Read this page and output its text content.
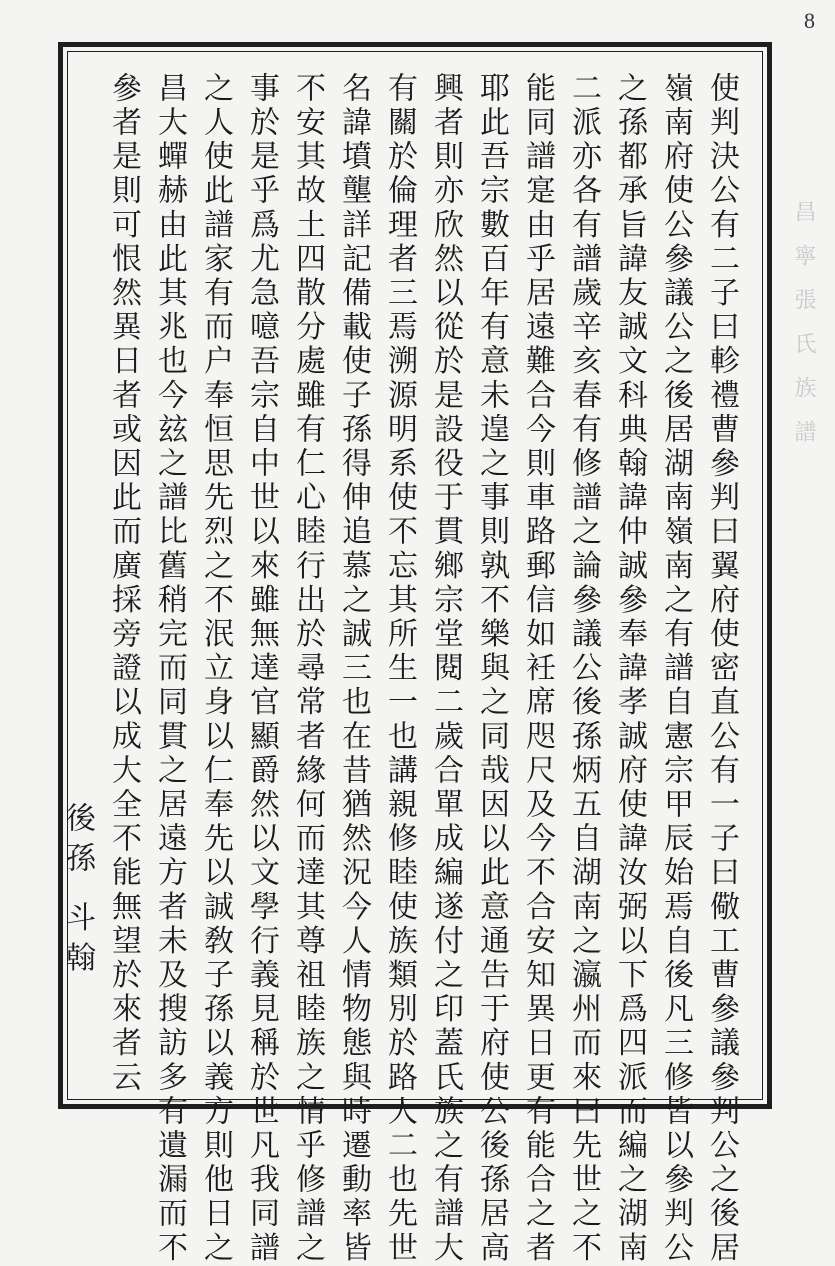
8
昌寧張氏族譜
使判決公有二子曰軫禮曹參判曰翼府使密直公有一子曰儆工曹參議參判公之後居
嶺南府使公參議公之後居湖南嶺南之有譜自憲宗甲辰始焉自後凡三修皆以參判公
之孫都承旨諱友誠文科典翰諱仲誠參奉諱孝誠府使諱汝弼以下爲四派而編之湖南
二派亦各有譜歲辛亥春有修譜之論參議公後孫炳五自湖南之瀛州而來曰先世之不
能同譜寔由乎居遠難合今則車路郵信如衽席咫尺及今不合安知異日更有能合之者
耶此吾宗數百年有意未遑之事則孰不樂與之同哉因以此意通告于府使公後孫居高
興者則亦欣然以從於是設役于貫鄉宗堂閱二歲合單成編遂付之印蓋氏族之有譜大
有關於倫理者三焉溯源明系使不忘其所生一也講親修睦使族類別於路人二也先世
名諱墳壟詳記備載使子孫得伸追慕之誠三也在昔猶然況今人情物態與時遷動率皆
不安其故土四散分處雖有仁心睦行出於尋常者緣何而達其尊祖睦族之情乎修譜之
事於是乎爲尤急噫吾宗自中世以來雖無達官顯爵然以文學行義見稱於世凡我同譜
之人使此譜家有而户奉恒思先烈之不泯立身以仁奉先以誠敎子孫以義方則他日之
昌大蟬赫由此其兆也今玆之譜比舊稍完而同貫之居遠方者未及搜訪多有遺漏而不
參者是則可恨然異日者或因此而廣採旁證以成大全不能無望於來者云
後孫 斗翰
